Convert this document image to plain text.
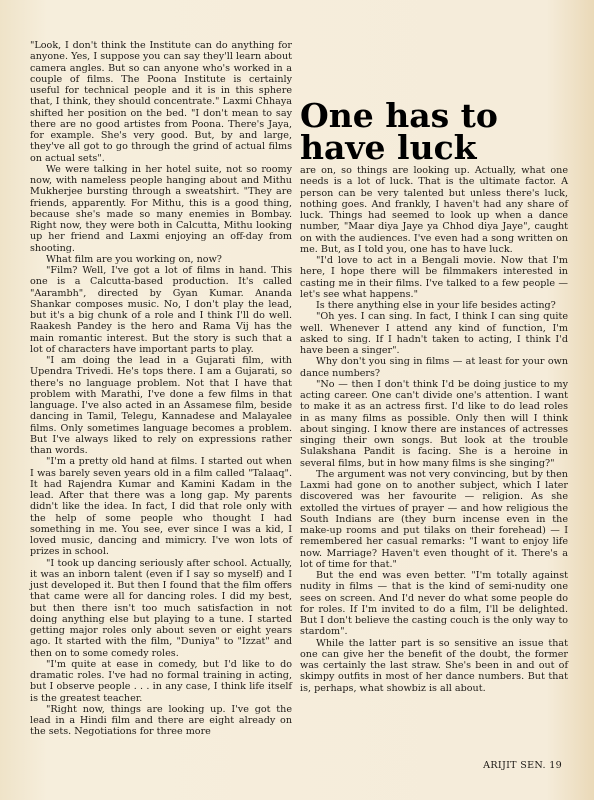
"Look, I don't think the Institute can do anything for anyone. Yes, I suppose you can say they'll learn about camera angles. But so can anyone who's worked in a couple of films. The Poona Institute is certainly useful for technical people and it is in this sphere that, I think, they should concentrate." Laxmi Chhaya shifted her position on the bed. "I don't mean to say there are no good artistes from Poona. There's Jaya, for example. She's very good. But, by and large, they've all got to go through the grind of actual films on actual sets".

We were talking in her hotel suite, not so roomy now, with nameless people hanging about and Mithu Mukherjee bursting through a sweatshirt. "They are friends, apparently. For Mithu, this is a good thing, because she's made so many enemies in Bombay. Right now, they were both in Calcutta, Mithu looking up her friend and Laxmi enjoying an off-day from shooting.

What film are you working on, now?

"Film? Well, I've got a lot of films in hand. This one is a Calcutta-based production. It's called "Aarambh", directed by Gyan Kumar. Ananda Shankar composes music. No, I don't play the lead, but it's a big chunk of a role and I think I'll do well. Raakesh Pandey is the hero and Rama Vij has the main romantic interest. But the story is such that a lot of characters have important parts to play.

"I am doing the lead in a Gujarati film, with Upendra Trivedi. He's tops there. I am a Gujarati, so there's no language problem. Not that I have that problem with Marathi, I've done a few films in that language. I've also acted in an Assamese film, beside dancing in Tamil, Telegu, Kannadese and Malayalee films. Only sometimes language becomes a problem. But I've always liked to rely on expressions rather than words.

"I'm a pretty old hand at films. I started out when I was barely seven years old in a film called "Talaaq". It had Rajendra Kumar and Kamini Kadam in the lead. After that there was a long gap. My parents didn't like the idea. In fact, I did that role only with the help of some people who thought I had something in me. You see, ever since I was a kid, I loved music, dancing and mimicry. I've won lots of prizes in school.

"I took up dancing seriously after school. Actually, it was an inborn talent (even if I say so myself) and I just developed it. But then I found that the film offers that came were all for dancing roles. I did my best, but then there isn't too much satisfaction in not doing anything else but playing to a tune. I started getting major roles only about seven or eight years ago. It started with the film, "Duniya" to "Izzat" and then on to some comedy roles.

"I'm quite at ease in comedy, but I'd like to do dramatic roles. I've had no formal training in acting, but I observe people . . . in any case, I think life itself is the greatest teacher.

"Right now, things are looking up. I've got the lead in a Hindi film and there are eight already on the sets. Negotiations for three more

One has to
have luck

are on, so things are looking up. Actually, what one needs is a lot of luck. That is the ultimate factor. A person can be very talented but unless there's luck, nothing goes. And frankly, I haven't had any share of luck. Things had seemed to look up when a dance number, "Maar diya Jaye ya Chhod diya Jaye", caught on with the audiences. I've even had a song written on me. But, as I told you, one has to have luck.

"I'd love to act in a Bengali movie. Now that I'm here, I hope there will be filmmakers interested in casting me in their films. I've talked to a few people — let's see what happens."

Is there anything else in your life besides acting?

"Oh yes. I can sing. In fact, I think I can sing quite well. Whenever I attend any kind of function, I'm asked to sing. If I hadn't taken to acting, I think I'd have been a singer".

Why don't you sing in films — at least for your own dance numbers?

"No — then I don't think I'd be doing justice to my acting career. One can't divide one's attention. I want to make it as an actress first. I'd like to do lead roles in as many films as possible. Only then will I think about singing. I know there are instances of actresses singing their own songs. But look at the trouble Sulakshana Pandit is facing. She is a heroine in several films, but in how many films is she singing?"

The argument was not very convincing, but by then Laxmi had gone on to another subject, which I later discovered was her favourite — religion. As she extolled the virtues of prayer — and how religious the South Indians are (they burn incense even in the make-up rooms and put tilaks on their forehead) — I remembered her casual remarks: "I want to enjoy life now. Marriage? Haven't even thought of it. There's a lot of time for that."

But the end was even better. "I'm totally against nudity in films — that is the kind of semi-nudity one sees on screen. And I'd never do what some people do for roles. If I'm invited to do a film, I'll be delighted. But I don't believe the casting couch is the only way to stardom".

While the latter part is so sensitive an issue that one can give her the benefit of the doubt, the former was certainly the last straw. She's been in and out of skimpy outfits in most of her dance numbers. But that is, perhaps, what showbiz is all about.

ARIJIT SEN. 19
